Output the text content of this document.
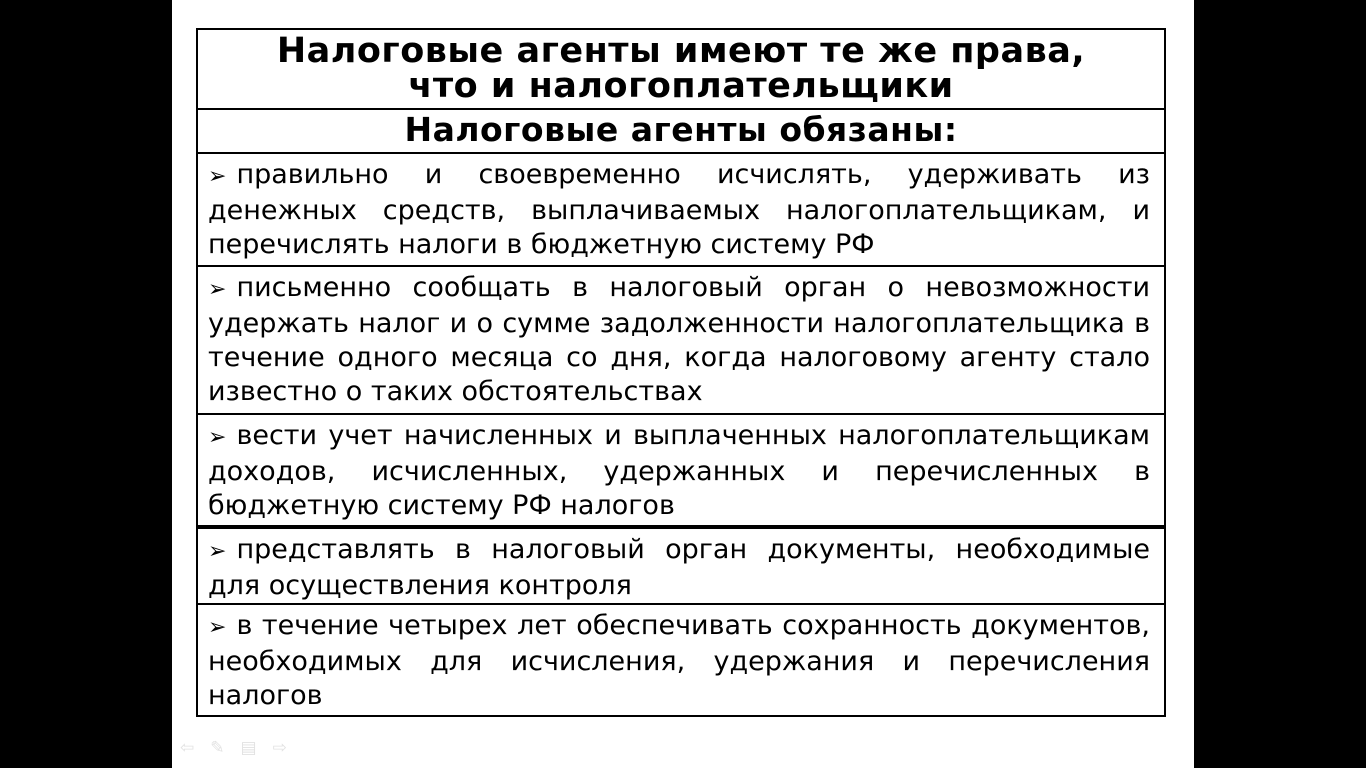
Налоговые агенты имеют те же права,
что и налогоплательщики
Налоговые агенты обязаны:
➢ правильно и своевременно исчислять, удерживать из денежных средств, выплачиваемых налогоплательщикам, и перечислять налоги в бюджетную систему РФ
➢ письменно сообщать в налоговый орган о невозможности удержать налог и о сумме задолженности налогоплательщика в течение одного месяца со дня, когда налоговому агенту стало известно о таких обстоятельствах
➢ вести учет начисленных и выплаченных налогоплательщикам доходов, исчисленных, удержанных и перечисленных в бюджетную систему РФ налогов
➢ представлять в налоговый орган документы, необходимые для осуществления контроля
➢ в течение четырех лет обеспечивать сохранность документов, необходимых для исчисления, удержания и перечисления налогов
⇦ ✎ ▤ ⇨
